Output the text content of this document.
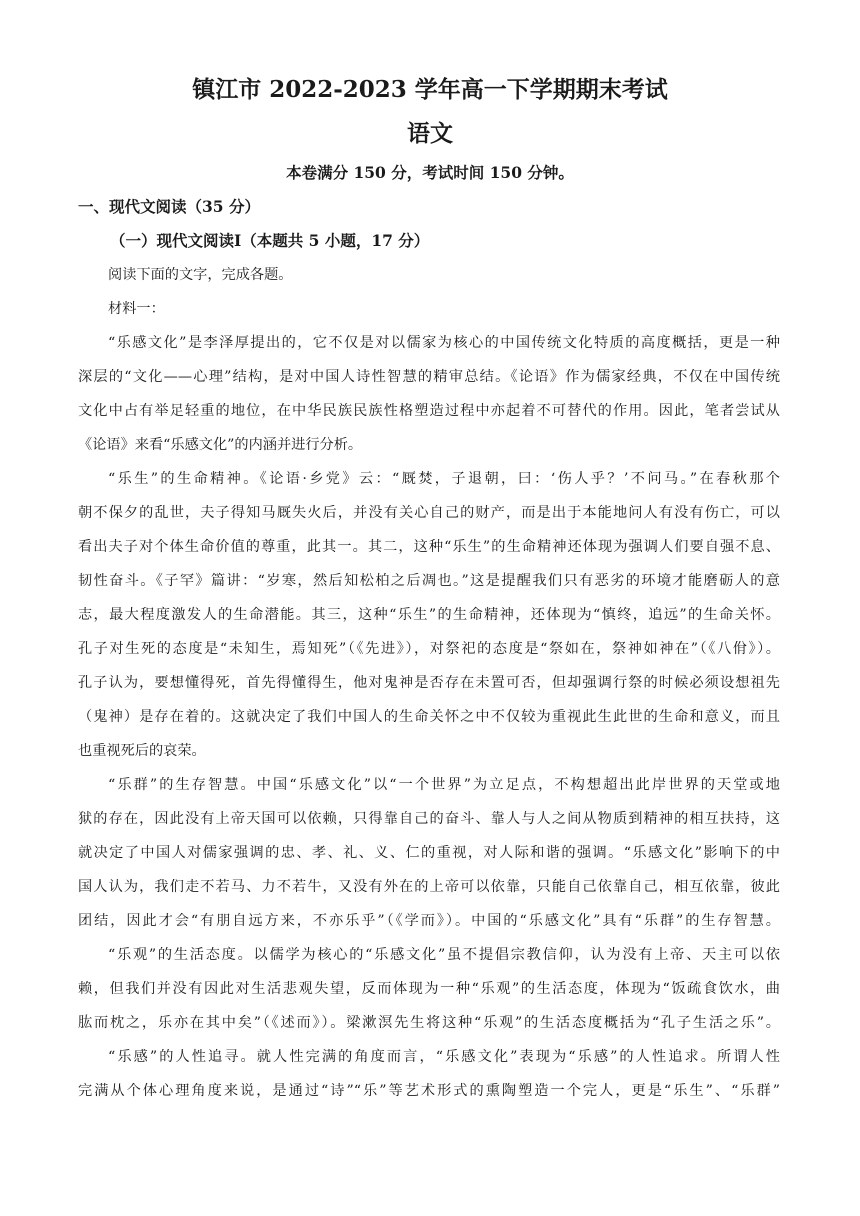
镇江市 2022-2023 学年高一下学期期末考试
语文
本卷满分 150 分，考试时间 150 分钟。
一、现代文阅读（35 分）
（一）现代文阅读Ⅰ（本题共 5 小题，17 分）
阅读下面的文字，完成各题。
材料一：
“乐感文化”是李泽厚提出的，它不仅是对以儒家为核心的中国传统文化特质的高度概括，更是一种
深层的“文化——心理”结构，是对中国人诗性智慧的精审总结。《论语》作为儒家经典，不仅在中国传统
文化中占有举足轻重的地位，在中华民族民族性格塑造过程中亦起着不可替代的作用。因此，笔者尝试从
《论语》来看“乐感文化”的内涵并进行分析。
“乐生”的生命精神。《论语·乡党》云：“厩焚，子退朝，曰：‘伤人乎？’不问马。”在春秋那个
朝不保夕的乱世，夫子得知马厩失火后，并没有关心自己的财产，而是出于本能地问人有没有伤亡，可以
看出夫子对个体生命价值的尊重，此其一。其二，这种“乐生”的生命精神还体现为强调人们要自强不息、
韧性奋斗。《子罕》篇讲：“岁寒，然后知松柏之后凋也。”这是提醒我们只有恶劣的环境才能磨砺人的意
志，最大程度激发人的生命潜能。其三，这种“乐生”的生命精神，还体现为“慎终，追远”的生命关怀。
孔子对生死的态度是“未知生，焉知死”（《先进》），对祭祀的态度是“祭如在，祭神如神在”（《八佾》）。
孔子认为，要想懂得死，首先得懂得生，他对鬼神是否存在未置可否，但却强调行祭的时候必须设想祖先
（鬼神）是存在着的。这就决定了我们中国人的生命关怀之中不仅较为重视此生此世的生命和意义，而且
也重视死后的哀荣。
“乐群”的生存智慧。中国“乐感文化”以“一个世界”为立足点，不构想超出此岸世界的天堂或地
狱的存在，因此没有上帝天国可以依赖，只得靠自己的奋斗、靠人与人之间从物质到精神的相互扶持，这
就决定了中国人对儒家强调的忠、孝、礼、义、仁的重视，对人际和谐的强调。“乐感文化”影响下的中
国人认为，我们走不若马、力不若牛，又没有外在的上帝可以依靠，只能自己依靠自己，相互依靠，彼此
团结，因此才会“有朋自远方来，不亦乐乎”（《学而》）。中国的“乐感文化”具有“乐群”的生存智慧。
“乐观”的生活态度。以儒学为核心的“乐感文化”虽不提倡宗教信仰，认为没有上帝、天主可以依
赖，但我们并没有因此对生活悲观失望，反而体现为一种“乐观”的生活态度，体现为“饭疏食饮水，曲
肱而枕之，乐亦在其中矣”（《述而》）。梁漱溟先生将这种“乐观”的生活态度概括为“孔子生活之乐”。
“乐感”的人性追寻。就人性完满的角度而言，“乐感文化”表现为“乐感”的人性追求。所谓人性
完满从个体心理角度来说，是通过“诗”“乐”等艺术形式的熏陶塑造一个完人，更是“乐生”、“乐群”
